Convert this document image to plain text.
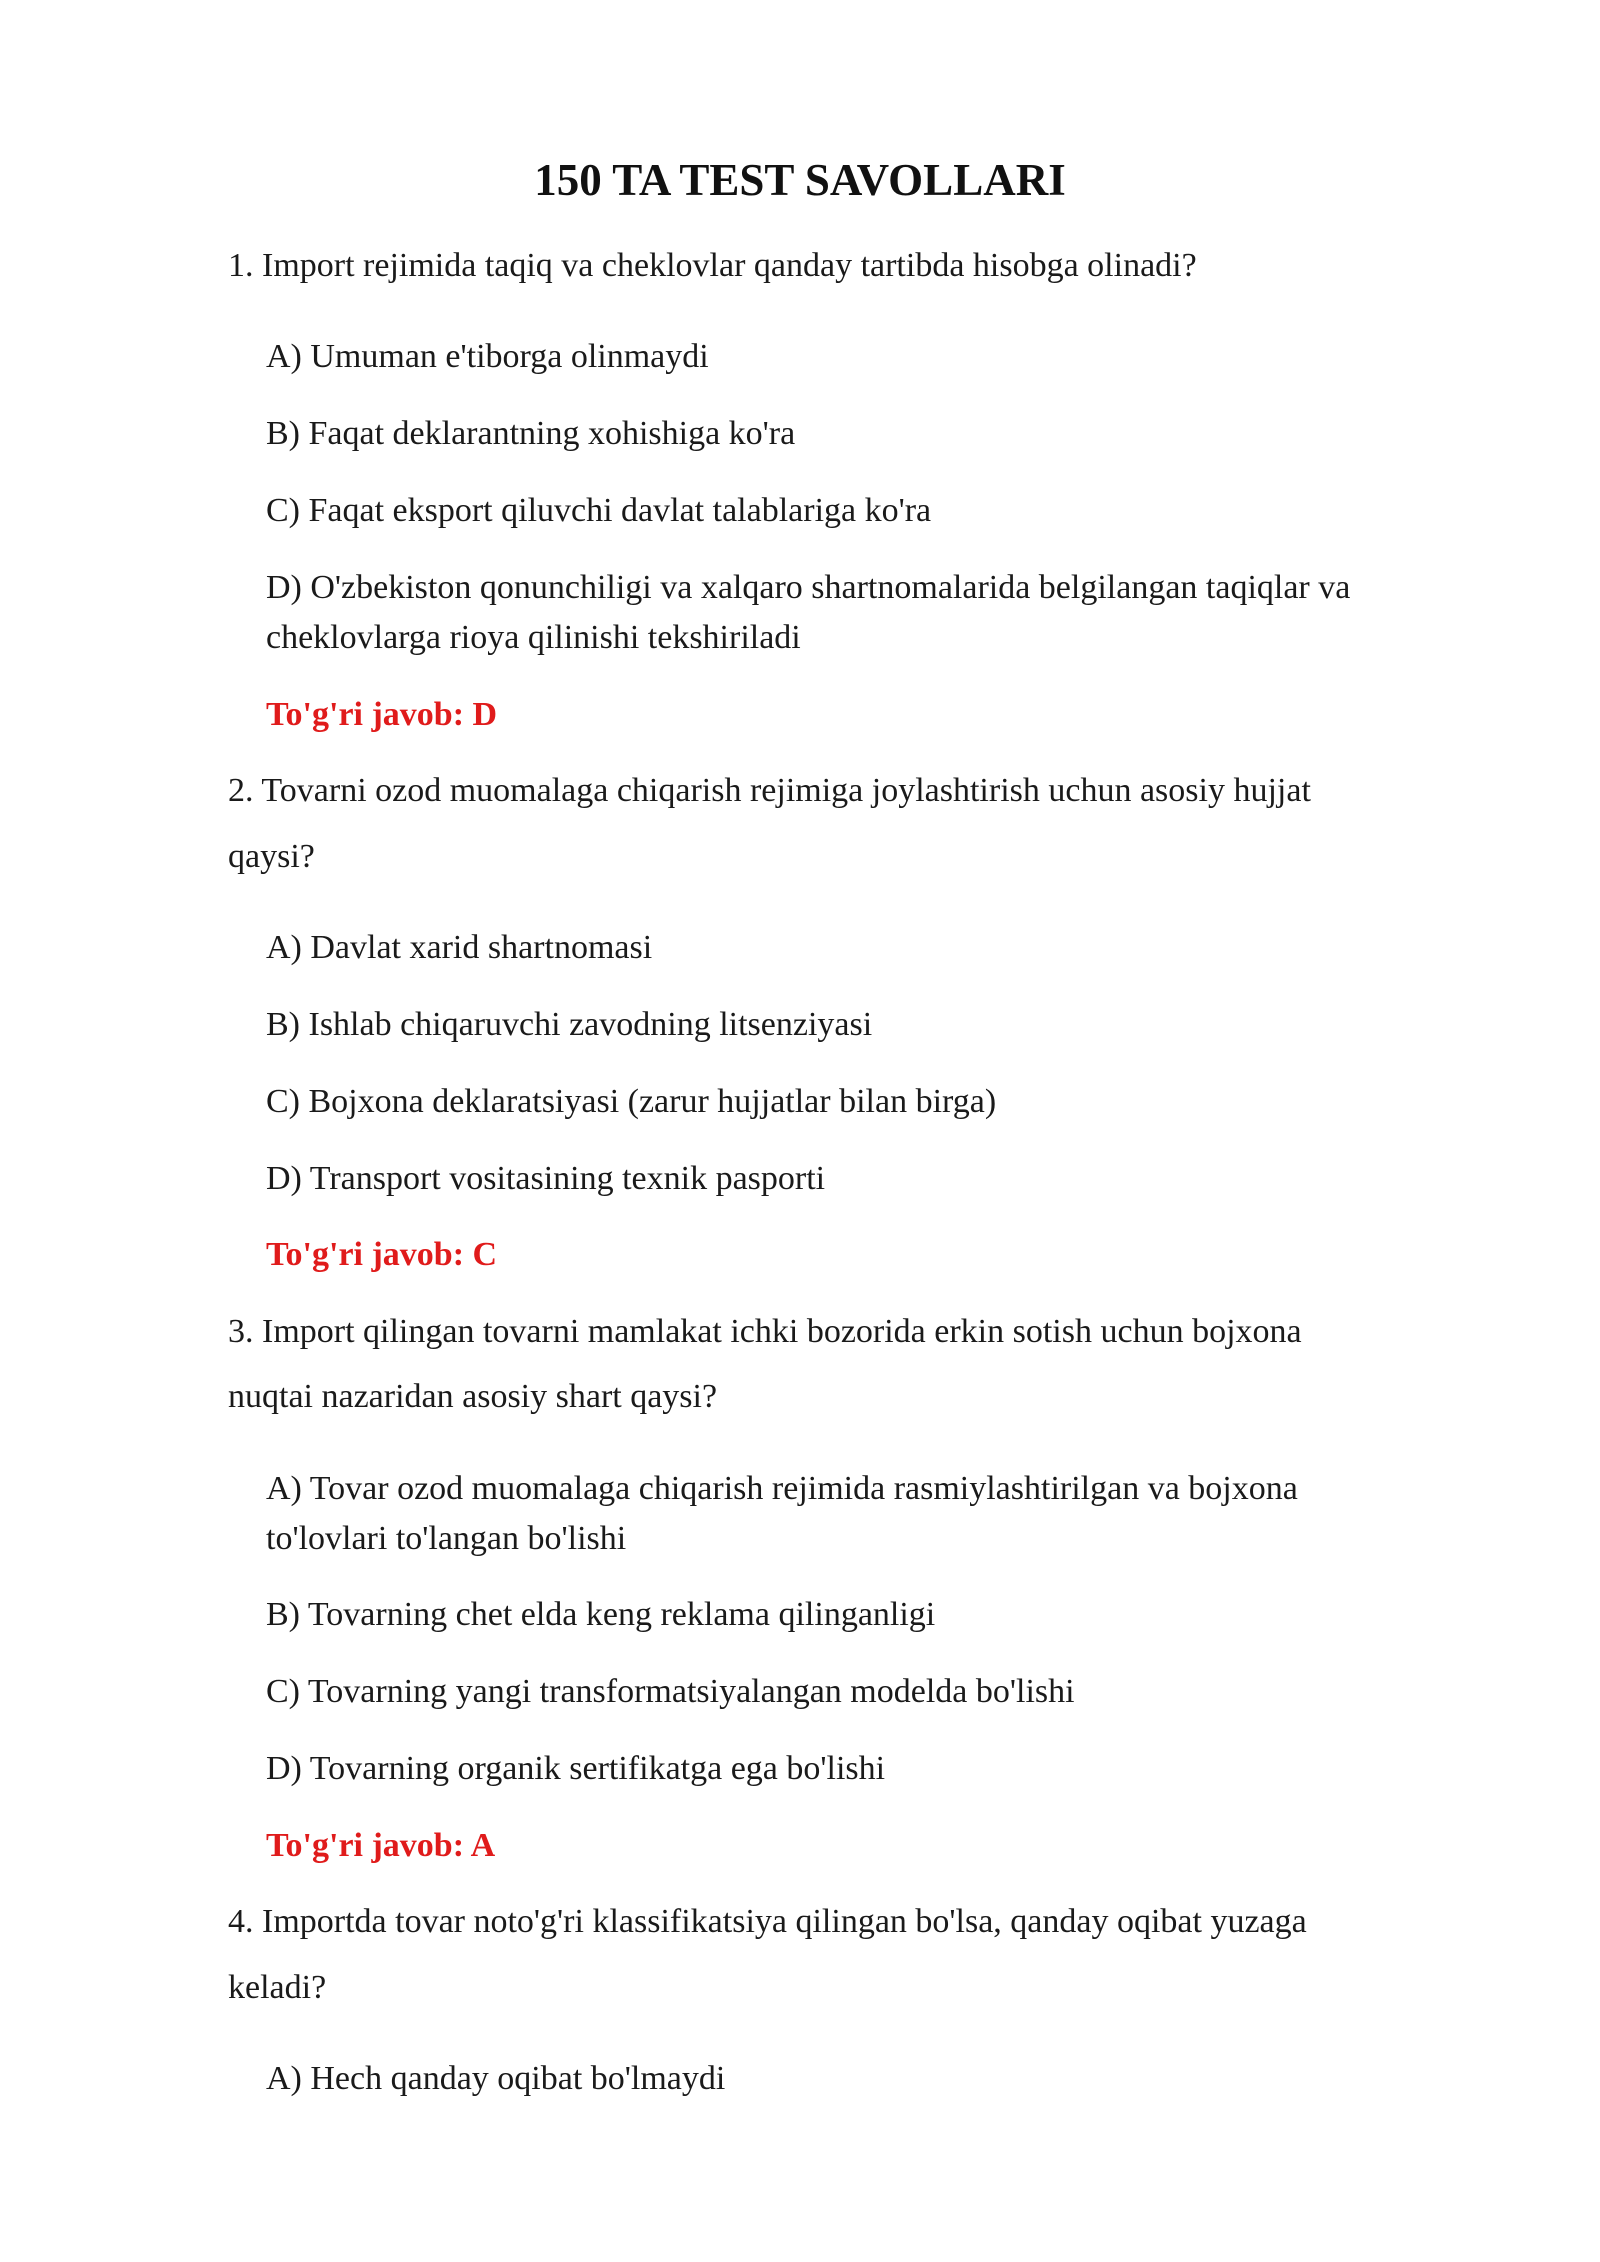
150 TA TEST SAVOLLARI
1. Import rejimida taqiq va cheklovlar qanday tartibda hisobga olinadi?
A) Umuman e'tiborga olinmaydi
B) Faqat deklarantning xohishiga ko'ra
C) Faqat eksport qiluvchi davlat talablariga ko'ra
D) O'zbekiston qonunchiligi va xalqaro shartnomalarida belgilangan taqiqlar va
cheklovlarga rioya qilinishi tekshiriladi
To'g'ri javob: D
2. Tovarni ozod muomalaga chiqarish rejimiga joylashtirish uchun asosiy hujjat
qaysi?
A) Davlat xarid shartnomasi
B) Ishlab chiqaruvchi zavodning litsenziyasi
C) Bojxona deklaratsiyasi (zarur hujjatlar bilan birga)
D) Transport vositasining texnik pasporti
To'g'ri javob: C
3. Import qilingan tovarni mamlakat ichki bozorida erkin sotish uchun bojxona
nuqtai nazaridan asosiy shart qaysi?
A) Tovar ozod muomalaga chiqarish rejimida rasmiylashtirilgan va bojxona
to'lovlari to'langan bo'lishi
B) Tovarning chet elda keng reklama qilinganligi
C) Tovarning yangi transformatsiyalangan modelda bo'lishi
D) Tovarning organik sertifikatga ega bo'lishi
To'g'ri javob: A
4. Importda tovar noto'g'ri klassifikatsiya qilingan bo'lsa, qanday oqibat yuzaga
keladi?
A) Hech qanday oqibat bo'lmaydi
